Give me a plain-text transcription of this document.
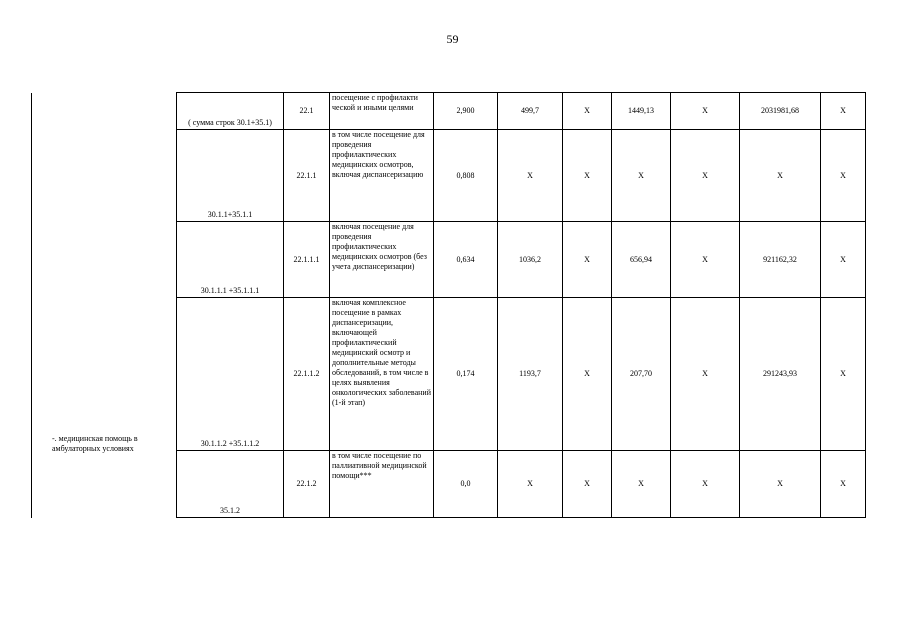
59
-. медицинская помощь в амбулаторных условиях	( сумма строк 30.1+35.1)	22.1	посещение с профилакти ческой и иными целями	2,900	499,7	X	1449,13	X	2031981,68	X
	30.1.1+35.1.1	22.1.1	в том числе посещение для проведения профилактических медицинских осмотров, включая диспансеризацию	0,808	X	X	X	X	X	X
	30.1.1.1 +35.1.1.1	22.1.1.1	включая посещение для проведения профилактических медицинских осмотров (без учета диспансеризации)	0,634	1036,2	X	656,94	X	921162,32	X
	30.1.1.2 +35.1.1.2	22.1.1.2	включая комплексное посещение в рамках диспансеризации, включающей профилактический медицинский осмотр и дополнительные методы обследований, в том числе в целях выявления онкологических заболеваний (1-й этап)	0,174	1193,7	X	207,70	X	291243,93	X
	35.1.2	22.1.2	в том числе посещение по паллиативной медицинской помощи***	0,0	X	X	X	X	X	X
